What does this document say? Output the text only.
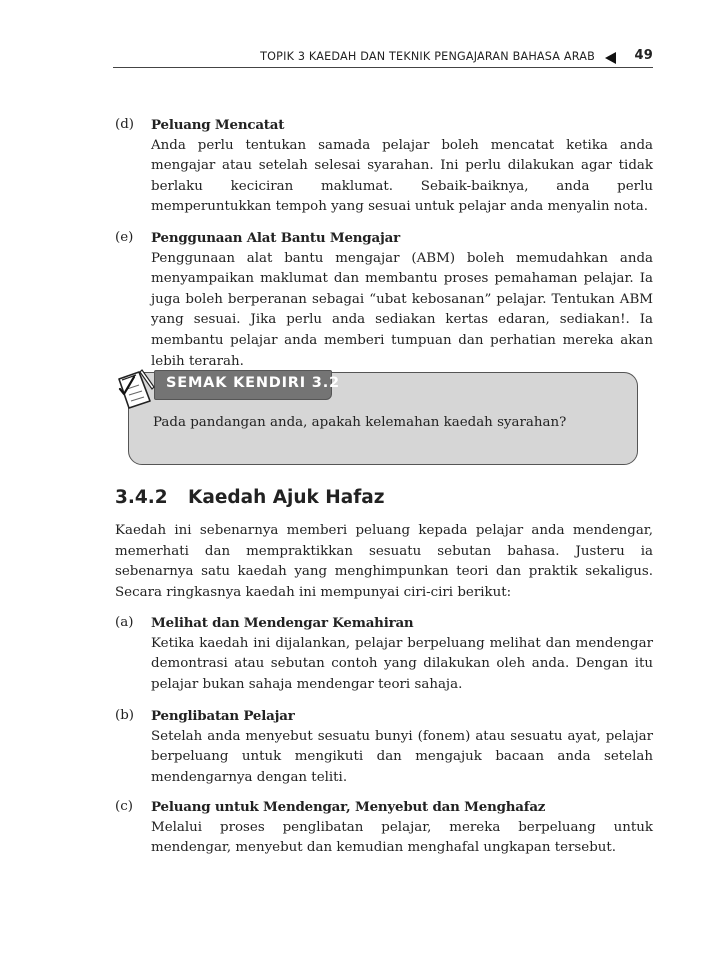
TOPIK 3 KAEDAH DAN TEKNIK PENGAJARAN BAHASA ARAB	49
(d)	Peluang Mencatat
Anda perlu tentukan samada pelajar boleh mencatat ketika anda mengajar atau setelah selesai syarahan. Ini perlu dilakukan agar tidak berlaku keciciran maklumat. Sebaik-baiknya, anda perlu memperuntukkan tempoh yang sesuai untuk pelajar anda menyalin nota.
(e)	Penggunaan Alat Bantu Mengajar
Penggunaan alat bantu mengajar (ABM) boleh memudahkan anda menyampaikan maklumat dan membantu proses pemahaman pelajar. Ia juga boleh berperanan sebagai “ubat kebosanan” pelajar. Tentukan ABM yang sesuai. Jika perlu anda sediakan kertas edaran, sediakan!. Ia membantu pelajar anda memberi tumpuan dan perhatian mereka akan lebih terarah.
SEMAK KENDIRI 3.2
Pada pandangan anda, apakah kelemahan kaedah syarahan?
3.4.2 Kaedah Ajuk Hafaz
Kaedah ini sebenarnya memberi peluang kepada pelajar anda mendengar, memerhati dan mempraktikkan sesuatu sebutan bahasa. Justeru ia sebenarnya satu kaedah yang menghimpunkan teori dan praktik sekaligus. Secara ringkasnya kaedah ini mempunyai ciri-ciri berikut:
(a)	Melihat dan Mendengar Kemahiran
Ketika kaedah ini dijalankan, pelajar berpeluang melihat dan mendengar demontrasi atau sebutan contoh yang dilakukan oleh anda. Dengan itu pelajar bukan sahaja mendengar teori sahaja.
(b)	Penglibatan Pelajar
Setelah anda menyebut sesuatu bunyi (fonem) atau sesuatu ayat, pelajar berpeluang untuk mengikuti dan mengajuk bacaan anda setelah mendengarnya dengan teliti.
(c)	Peluang untuk Mendengar, Menyebut dan Menghafaz
Melalui proses penglibatan pelajar, mereka berpeluang untuk mendengar, menyebut dan kemudian menghafal ungkapan tersebut.
